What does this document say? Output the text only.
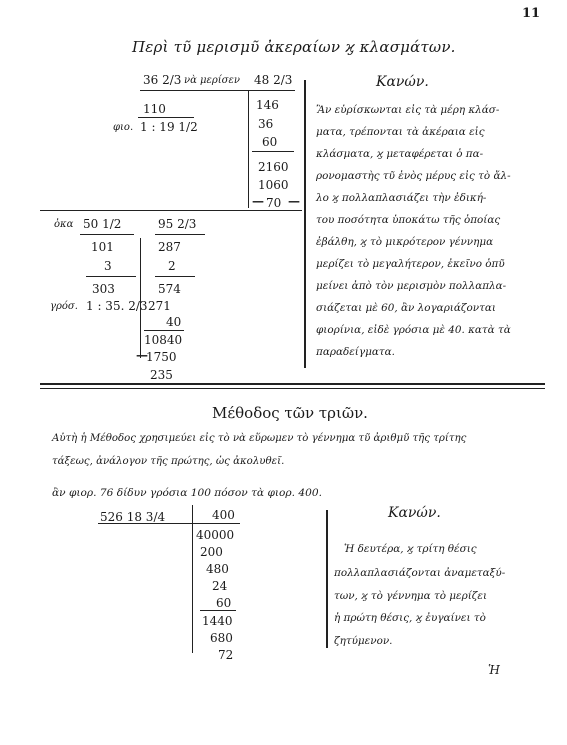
11
Περὶ τῦ μερισμῦ ἀκεραίων ϗ κλασμάτων.
Κανών.
36 2/3 νὰ μερίσεν 48 2/3
110
φιο. 1 : 19 1/2
146
36
60
2160
1060
70
— —
ὀκα 50 1/2	95 2/3
101	287
3	2
303	574
γρόσ. 1 : 35. 2/3 271
40
10840
1750
—
235
Ἂν εὑρίσκωνται εἰς τὰ μέρη κλάσ-
ματα, τρέπονται τὰ ἀκέραια εἰς
κλάσματα, ϗ μεταφέρεται ὁ πα-
ρονομαστὴς τῦ ἑνὸς μέρυς εἰς τὸ ἄλ-
λο ϗ πολλαπλασιάζει τὴν ἐδική-
του ποσότητα ὑποκάτω τῆς ὁποίας
ἐβάλθη, ϗ τὸ μικρότερον γέννημα
μερίζει τὸ μεγαλήτερον, ἐκεῖνο ὁπῦ
μείνει ἀπὸ τὸν μερισμὸν πολλαπλα-
σιάζεται μὲ 60, ἂν λογαριάζονται
φιορίνια, εἰδὲ γρόσια μὲ 40. κατὰ τὰ
παραδείγματα.
Μέθοδος τῶν τριῶν.
Αὐτὴ ἡ Μέθοδος χρησιμεύει εἰς τὸ νὰ εὕρωμεν τὸ γέννημα τῦ ἀριθμῦ τῆς τρίτης
τάξεως, ἀνάλογον τῆς πρώτης, ὡς ἀκολυθεῖ.
ἂν φιορ. 76 δίδυν γρόσια 100 πόσον τὰ φιορ. 400.
526 18 3/4	400
40000
200
480
24
60
1440
680
72
Κανών.
Ἡ δευτέρα, ϗ τρίτη θέσις
πολλαπλασιάζονται ἀναμεταξύ-
των, ϗ τὸ γέννημα τὸ μερίζει
ἡ πρώτη θέσις, ϗ ἐυγαίνει τὸ
ζητύμενον.
Ἡ
